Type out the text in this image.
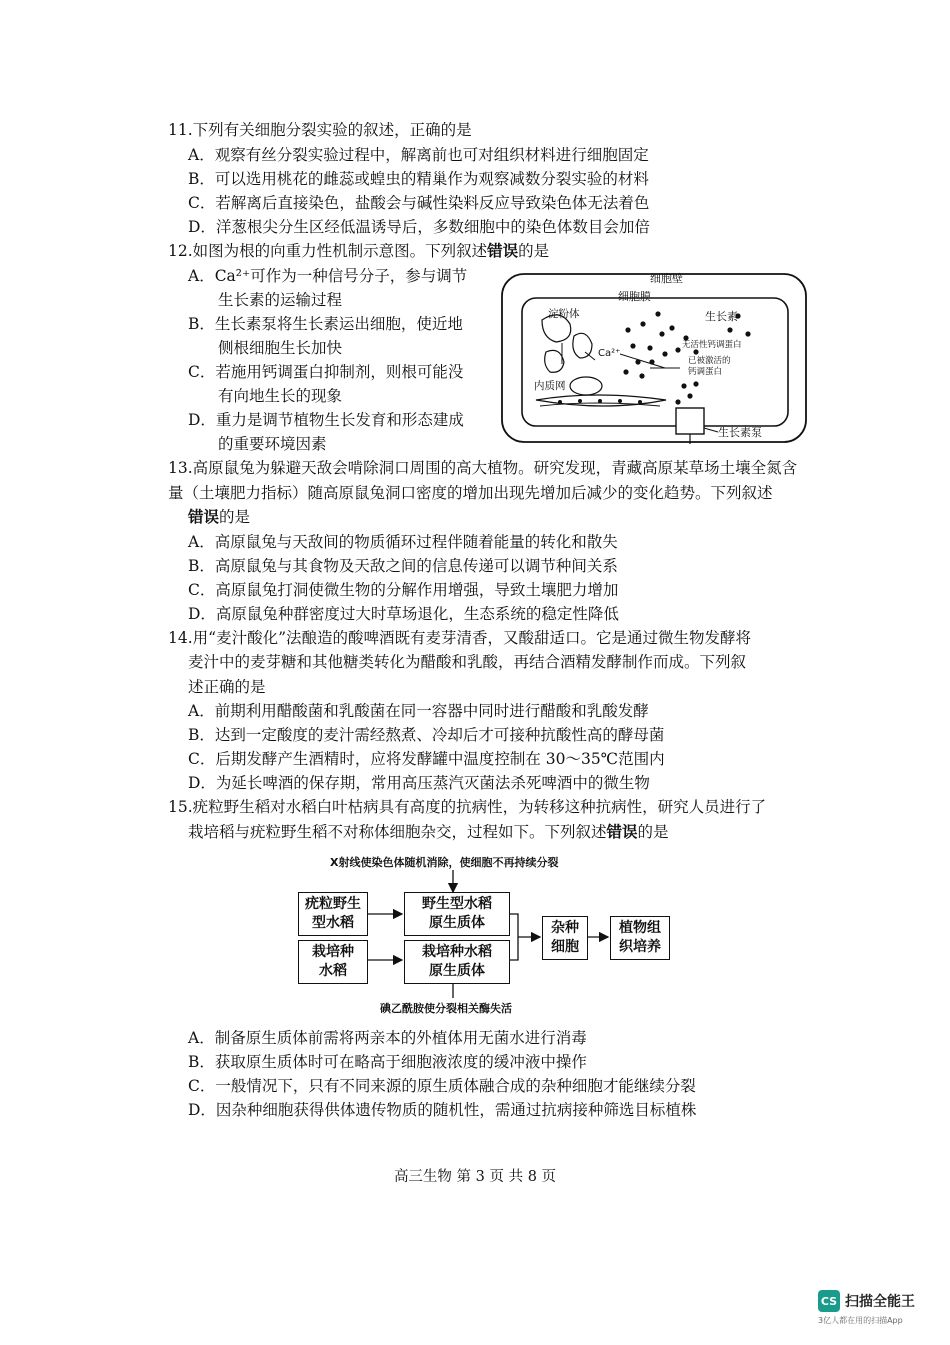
11.下列有关细胞分裂实验的叙述，正确的是
A．观察有丝分裂实验过程中，解离前也可对组织材料进行细胞固定
B．可以选用桃花的雌蕊或蝗虫的精巢作为观察减数分裂实验的材料
C．若解离后直接染色，盐酸会与碱性染料反应导致染色体无法着色
D．洋葱根尖分生区经低温诱导后，多数细胞中的染色体数目会加倍
12.如图为根的向重力性机制示意图。下列叙述错误的是
A．Ca²⁺可作为一种信号分子，参与调节
生长素的运输过程
B．生长素泵将生长素运出细胞，使近地
侧根细胞生长加快
C．若施用钙调蛋白抑制剂，则根可能没
有向地生长的现象
D．重力是调节植物生长发育和形态建成
的重要环境因素
细胞壁
细胞膜
淀粉体	生长素
Ca²⁺
无活性钙调蛋白
已被激活的
钙调蛋白
内质网
生长素泵
13.高原鼠兔为躲避天敌会啃除洞口周围的高大植物。研究发现，青藏高原某草场土壤全氮含
量（土壤肥力指标）随高原鼠兔洞口密度的增加出现先增加后减少的变化趋势。下列叙述
错误的是
A．高原鼠兔与天敌间的物质循环过程伴随着能量的转化和散失
B．高原鼠兔与其食物及天敌之间的信息传递可以调节种间关系
C．高原鼠兔打洞使微生物的分解作用增强，导致土壤肥力增加
D．高原鼠兔种群密度过大时草场退化，生态系统的稳定性降低
14.用“麦汁酸化”法酿造的酸啤酒既有麦芽清香，又酸甜适口。它是通过微生物发酵将
麦汁中的麦芽糖和其他糖类转化为醋酸和乳酸，再结合酒精发酵制作而成。下列叙
述正确的是
A．前期利用醋酸菌和乳酸菌在同一容器中同时进行醋酸和乳酸发酵
B．达到一定酸度的麦汁需经熬煮、冷却后才可接种抗酸性高的酵母菌
C．后期发酵产生酒精时，应将发酵罐中温度控制在 30～35℃范围内
D．为延长啤酒的保存期，常用高压蒸汽灭菌法杀死啤酒中的微生物
15.疣粒野生稻对水稻白叶枯病具有高度的抗病性，为转移这种抗病性，研究人员进行了
栽培稻与疣粒野生稻不对称体细胞杂交，过程如下。下列叙述错误的是
X射线使染色体随机消除，使细胞不再持续分裂
疣粒野生
型水稻
野生型水稻
原生质体
栽培种
水稻
栽培种水稻
原生质体
杂种
细胞
植物组
织培养
碘乙酰胺使分裂相关酶失活
A．制备原生质体前需将两亲本的外植体用无菌水进行消毒
B．获取原生质体时可在略高于细胞液浓度的缓冲液中操作
C．一般情况下，只有不同来源的原生质体融合成的杂种细胞才能继续分裂
D．因杂种细胞获得供体遗传物质的随机性，需通过抗病接种筛选目标植株
高三生物 第 3 页 共 8 页
CS 扫描全能王
3亿人都在用的扫描App
